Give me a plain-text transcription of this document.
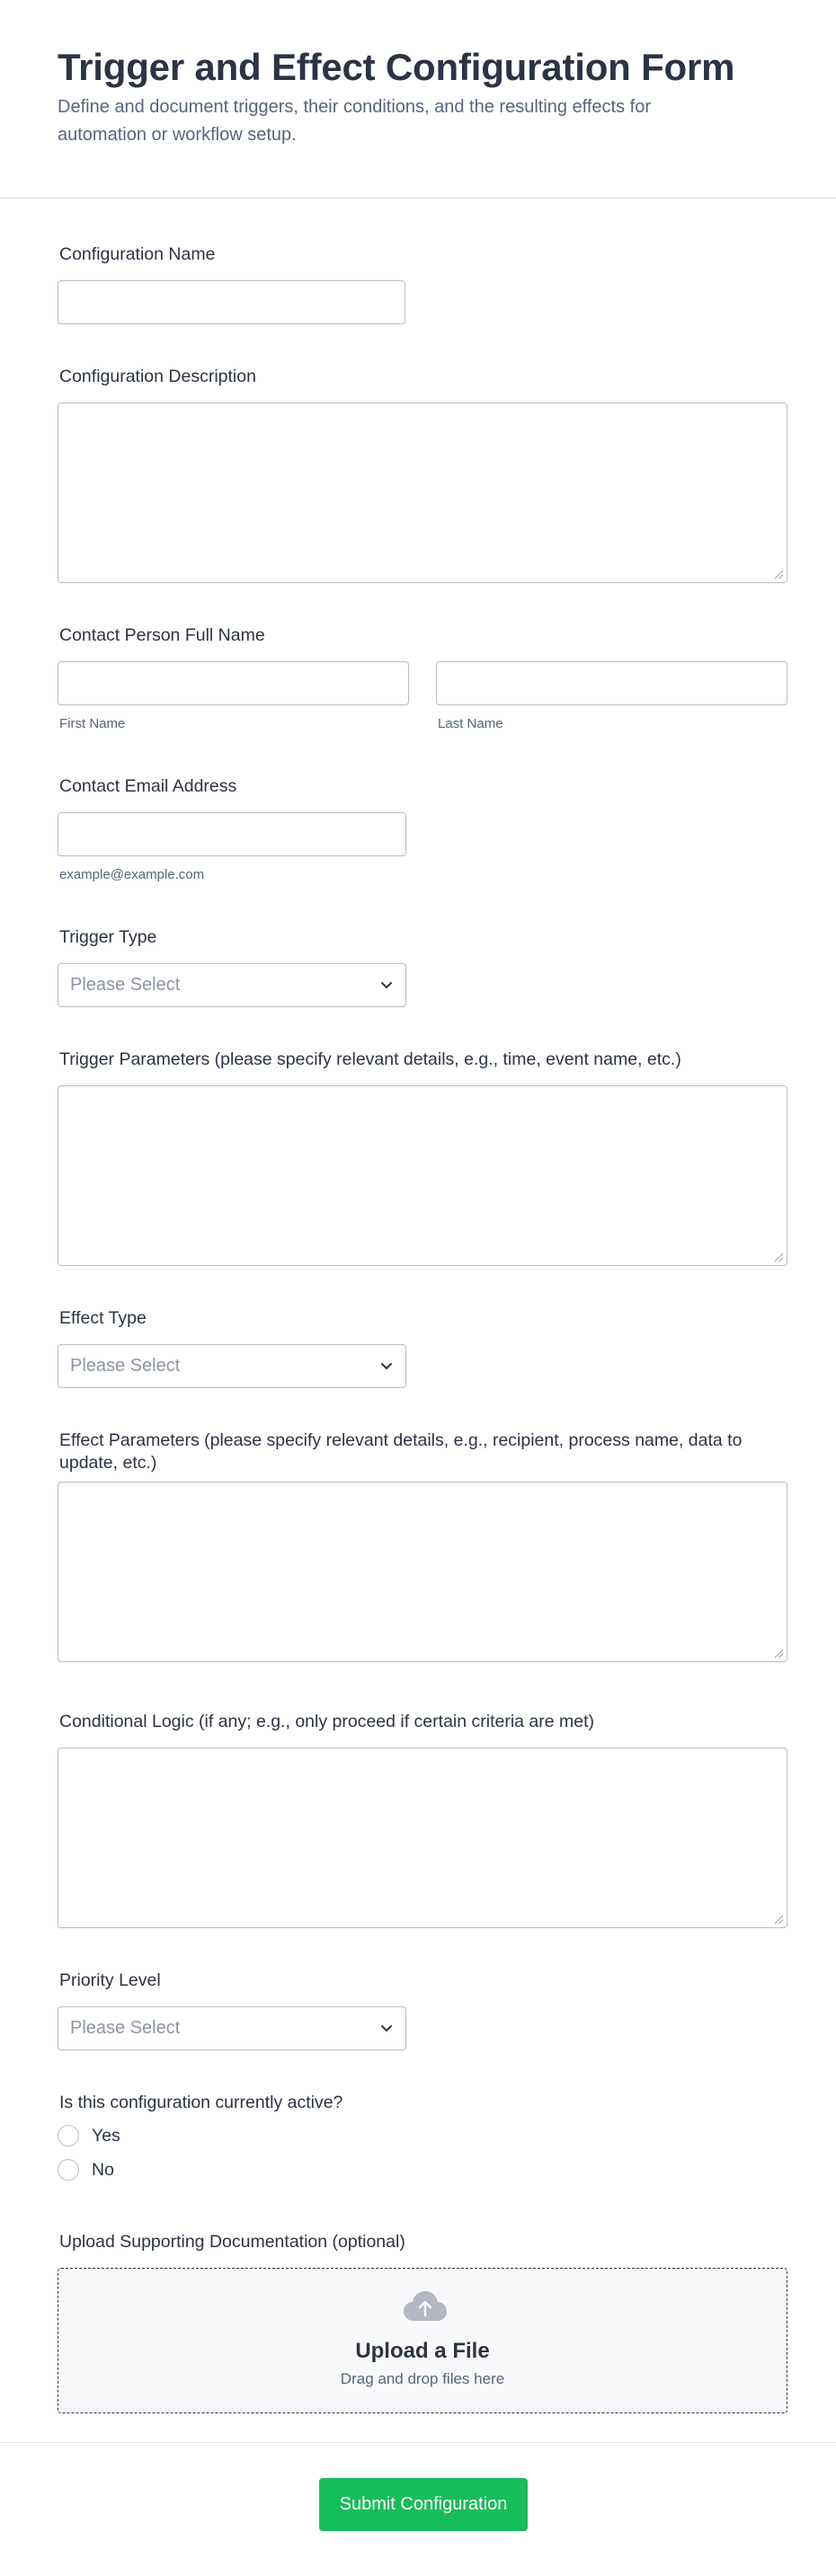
Trigger and Effect Configuration Form

Define and document triggers, their conditions, and the resulting effects for automation or workflow setup.

Configuration Name
Configuration Description
Contact Person Full Name
First Name	Last Name
Contact Email Address
example@example.com
Trigger Type
Please Select
Trigger Parameters (please specify relevant details, e.g., time, event name, etc.)
Effect Type
Please Select
Effect Parameters (please specify relevant details, e.g., recipient, process name, data to update, etc.)
Conditional Logic (if any; e.g., only proceed if certain criteria are met)
Priority Level
Please Select
Is this configuration currently active?
Yes
No
Upload Supporting Documentation (optional)
Upload a File
Drag and drop files here
Submit Configuration
